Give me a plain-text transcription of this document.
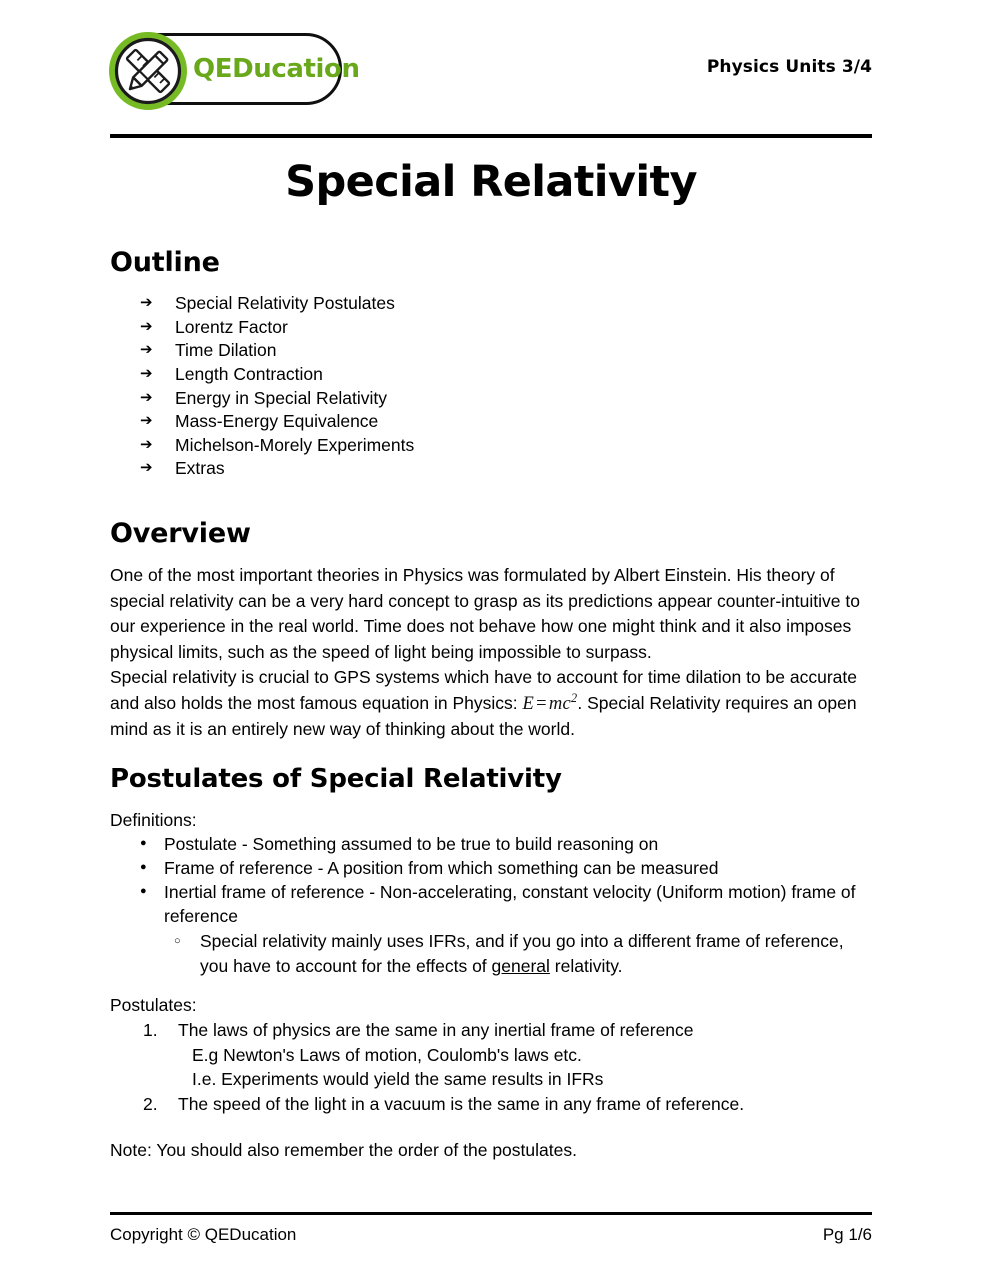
QEDucation	Physics Units 3/4
Special Relativity
Outline
➔ Special Relativity Postulates
➔ Lorentz Factor
➔ Time Dilation
➔ Length Contraction
➔ Energy in Special Relativity
➔ Mass-Energy Equivalence
➔ Michelson-Morely Experiments
➔ Extras
Overview

One of the most important theories in Physics was formulated by Albert Einstein. His theory of special relativity can be a very hard concept to grasp as its predictions appear counter-intuitive to our experience in the real world. Time does not behave how one might think and it also imposes physical limits, such as the speed of light being impossible to surpass.

Special relativity is crucial to GPS systems which have to account for time dilation to be accurate and also holds the most famous equation in Physics: $E = mc^2$. Special Relativity requires an open mind as it is an entirely new way of thinking about the world.

Postulates of Special Relativity

Definitions:

● Postulate - Something assumed to be true to build reasoning on
● Frame of reference - A position from which something can be measured
● Inertial frame of reference - Non-accelerating, constant velocity (Uniform motion) frame of reference
○ Special relativity mainly uses IFRs, and if you go into a different frame of reference, you have to account for the effects of general relativity.

Postulates:

The laws of physics are the same in any inertial frame of reference
E.g Newton's Laws of motion, Coulomb's laws etc.
I.e. Experiments would yield the same results in IFRs
The speed of the light in a vacuum is the same in any frame of reference.

Note: You should also remember the order of the postulates.

Copyright © QEDucation	Pg 1/6
